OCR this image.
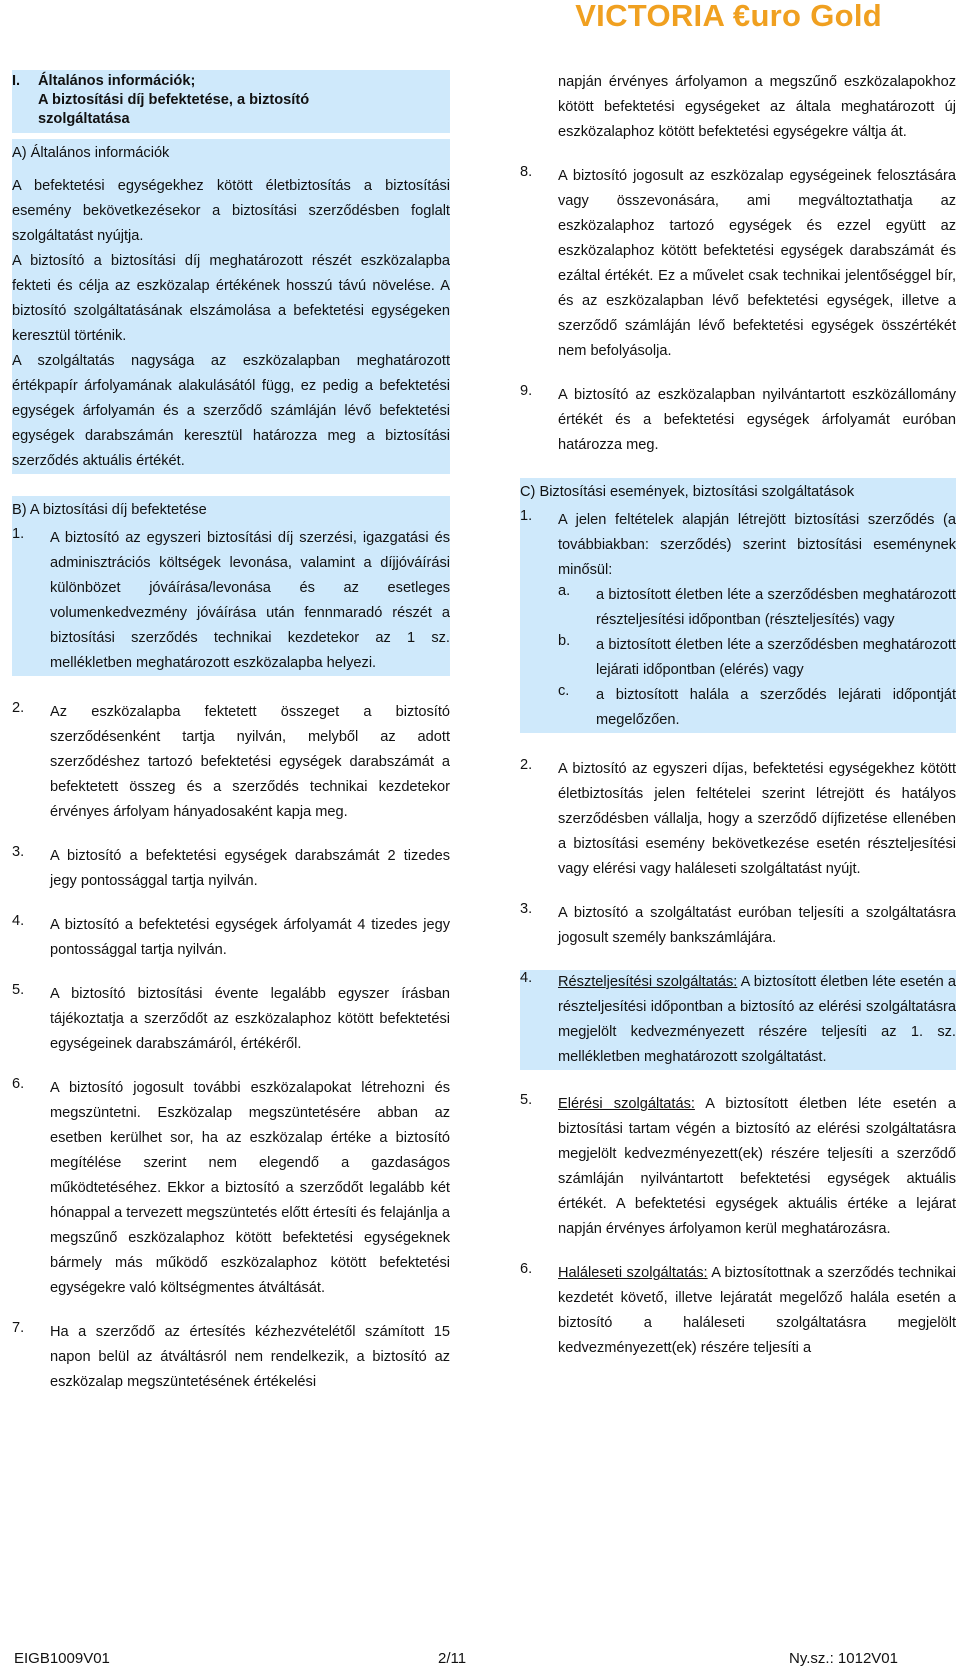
VICTORIA €uro Gold
I. Általános információk;
A biztosítási díj befektetése, a biztosító
szolgáltatása

A) Általános információk

A befektetési egységekhez kötött életbiztosítás a biztosítási esemény bekövetkezésekor a biztosítási szerződésben foglalt szolgáltatást nyújtja.

A biztosító a biztosítási díj meghatározott részét eszközalapba fekteti és célja az eszközalap értékének hosszú távú növelése. A biztosító szolgáltatásának elszámolása a befektetési egységeken keresztül történik.

A szolgáltatás nagysága az eszközalapban meghatározott értékpapír árfolyamának alakulásától függ, ez pedig a befektetési egységek árfolyamán és a szerződő számláján lévő befektetési egységek darabszámán keresztül határozza meg a biztosítási szerződés aktuális értékét.

B) A biztosítási díj befektetése

1. A biztosító az egyszeri biztosítási díj szerzési, igazgatási és adminisztrációs költségek levonása, valamint a díjjóváírási különbözet jóváírása/levonása és az esetleges volumenkedvezmény jóváírása után fennmaradó részét a biztosítási szerződés technikai kezdetekor az 1 sz. mellékletben meghatározott eszközalapba helyezi.

2. Az eszközalapba fektetett összeget a biztosító szerződésenként tartja nyilván, melyből az adott szerződéshez tartozó befektetési egységek darabszámát a befektetett összeg és a szerződés technikai kezdetekor érvényes árfolyam hányadosaként kapja meg.

3. A biztosító a befektetési egységek darabszámát 2 tizedes jegy pontossággal tartja nyilván.

4. A biztosító a befektetési egységek árfolyamát 4 tizedes jegy pontossággal tartja nyilván.

5. A biztosító biztosítási évente legalább egyszer írásban tájékoztatja a szerződőt az eszközalaphoz kötött befektetési egységeinek darabszámáról, értékéről.

6. A biztosító jogosult további eszközalapokat létrehozni és megszüntetni. Eszközalap megszüntetésére abban az esetben kerülhet sor, ha az eszközalap értéke a biztosító megítélése szerint nem elegendő a gazdaságos működtetéséhez. Ekkor a biztosító a szerződőt legalább két hónappal a tervezett megszüntetés előtt értesíti és felajánlja a megszűnő eszközalaphoz kötött befektetési egységeknek bármely más működő eszközalaphoz kötött befektetési egységekre való költségmentes átváltását.

7. Ha a szerződő az értesítés kézhezvételétől számított 15 napon belül az átváltásról nem rendelkezik, a biztosító az eszközalap megszüntetésének értékelési

napján érvényes árfolyamon a megszűnő eszközalapokhoz kötött befektetési egységeket az általa meghatározott új eszközalaphoz kötött befektetési egységekre váltja át.

8. A biztosító jogosult az eszközalap egységeinek felosztására vagy összevonására, ami megváltoztathatja az eszközalaphoz tartozó egységek és ezzel együtt az eszközalaphoz kötött befektetési egységek darabszámát és ezáltal értékét. Ez a művelet csak technikai jelentőséggel bír, és az eszközalapban lévő befektetési egységek, illetve a szerződő számláján lévő befektetési egységek összértékét nem befolyásolja.

9. A biztosító az eszközalapban nyilvántartott eszközállomány értékét és a befektetési egységek árfolyamát euróban határozza meg.

C) Biztosítási események, biztosítási szolgáltatások

1. A jelen feltételek alapján létrejött biztosítási szerződés (a továbbiakban: szerződés) szerint biztosítási eseménynek minősül:

a. a biztosított életben léte a szerződésben meghatározott részteljesítési időpontban (részteljesítés) vagy

b. a biztosított életben léte a szerződésben meghatározott lejárati időpontban (elérés) vagy

c. a biztosított halála a szerződés lejárati időpontját megelőzően.

2. A biztosító az egyszeri díjas, befektetési egységekhez kötött életbiztosítás jelen feltételei szerint létrejött és hatályos szerződésben vállalja, hogy a szerződő díjfizetése ellenében a biztosítási esemény bekövetkezése esetén részteljesítési vagy elérési vagy haláleseti szolgáltatást nyújt.

3. A biztosító a szolgáltatást euróban teljesíti a szolgáltatásra jogosult személy bankszámlájára.

4. Részteljesítési szolgáltatás: A biztosított életben léte esetén a részteljesítési időpontban a biztosító az elérési szolgáltatásra megjelölt kedvezményezett részére teljesíti az 1. sz. mellékletben meghatározott szolgáltatást.

5. Elérési szolgáltatás: A biztosított életben léte esetén a biztosítási tartam végén a biztosító az elérési szolgáltatásra megjelölt kedvezményezett(ek) részére teljesíti a szerződő számláján nyilvántartott befektetési egységek aktuális értékét. A befektetési egységek aktuális értéke a lejárat napján érvényes árfolyamon kerül meghatározásra.

6. Haláleseti szolgáltatás: A biztosítottnak a szerződés technikai kezdetét követő, illetve lejáratát megelőző halála esetén a biztosító a haláleseti szolgáltatásra megjelölt kedvezményezett(ek) részére teljesíti a

EIGB1009V01	2/11	Ny.sz.: 1012V01
